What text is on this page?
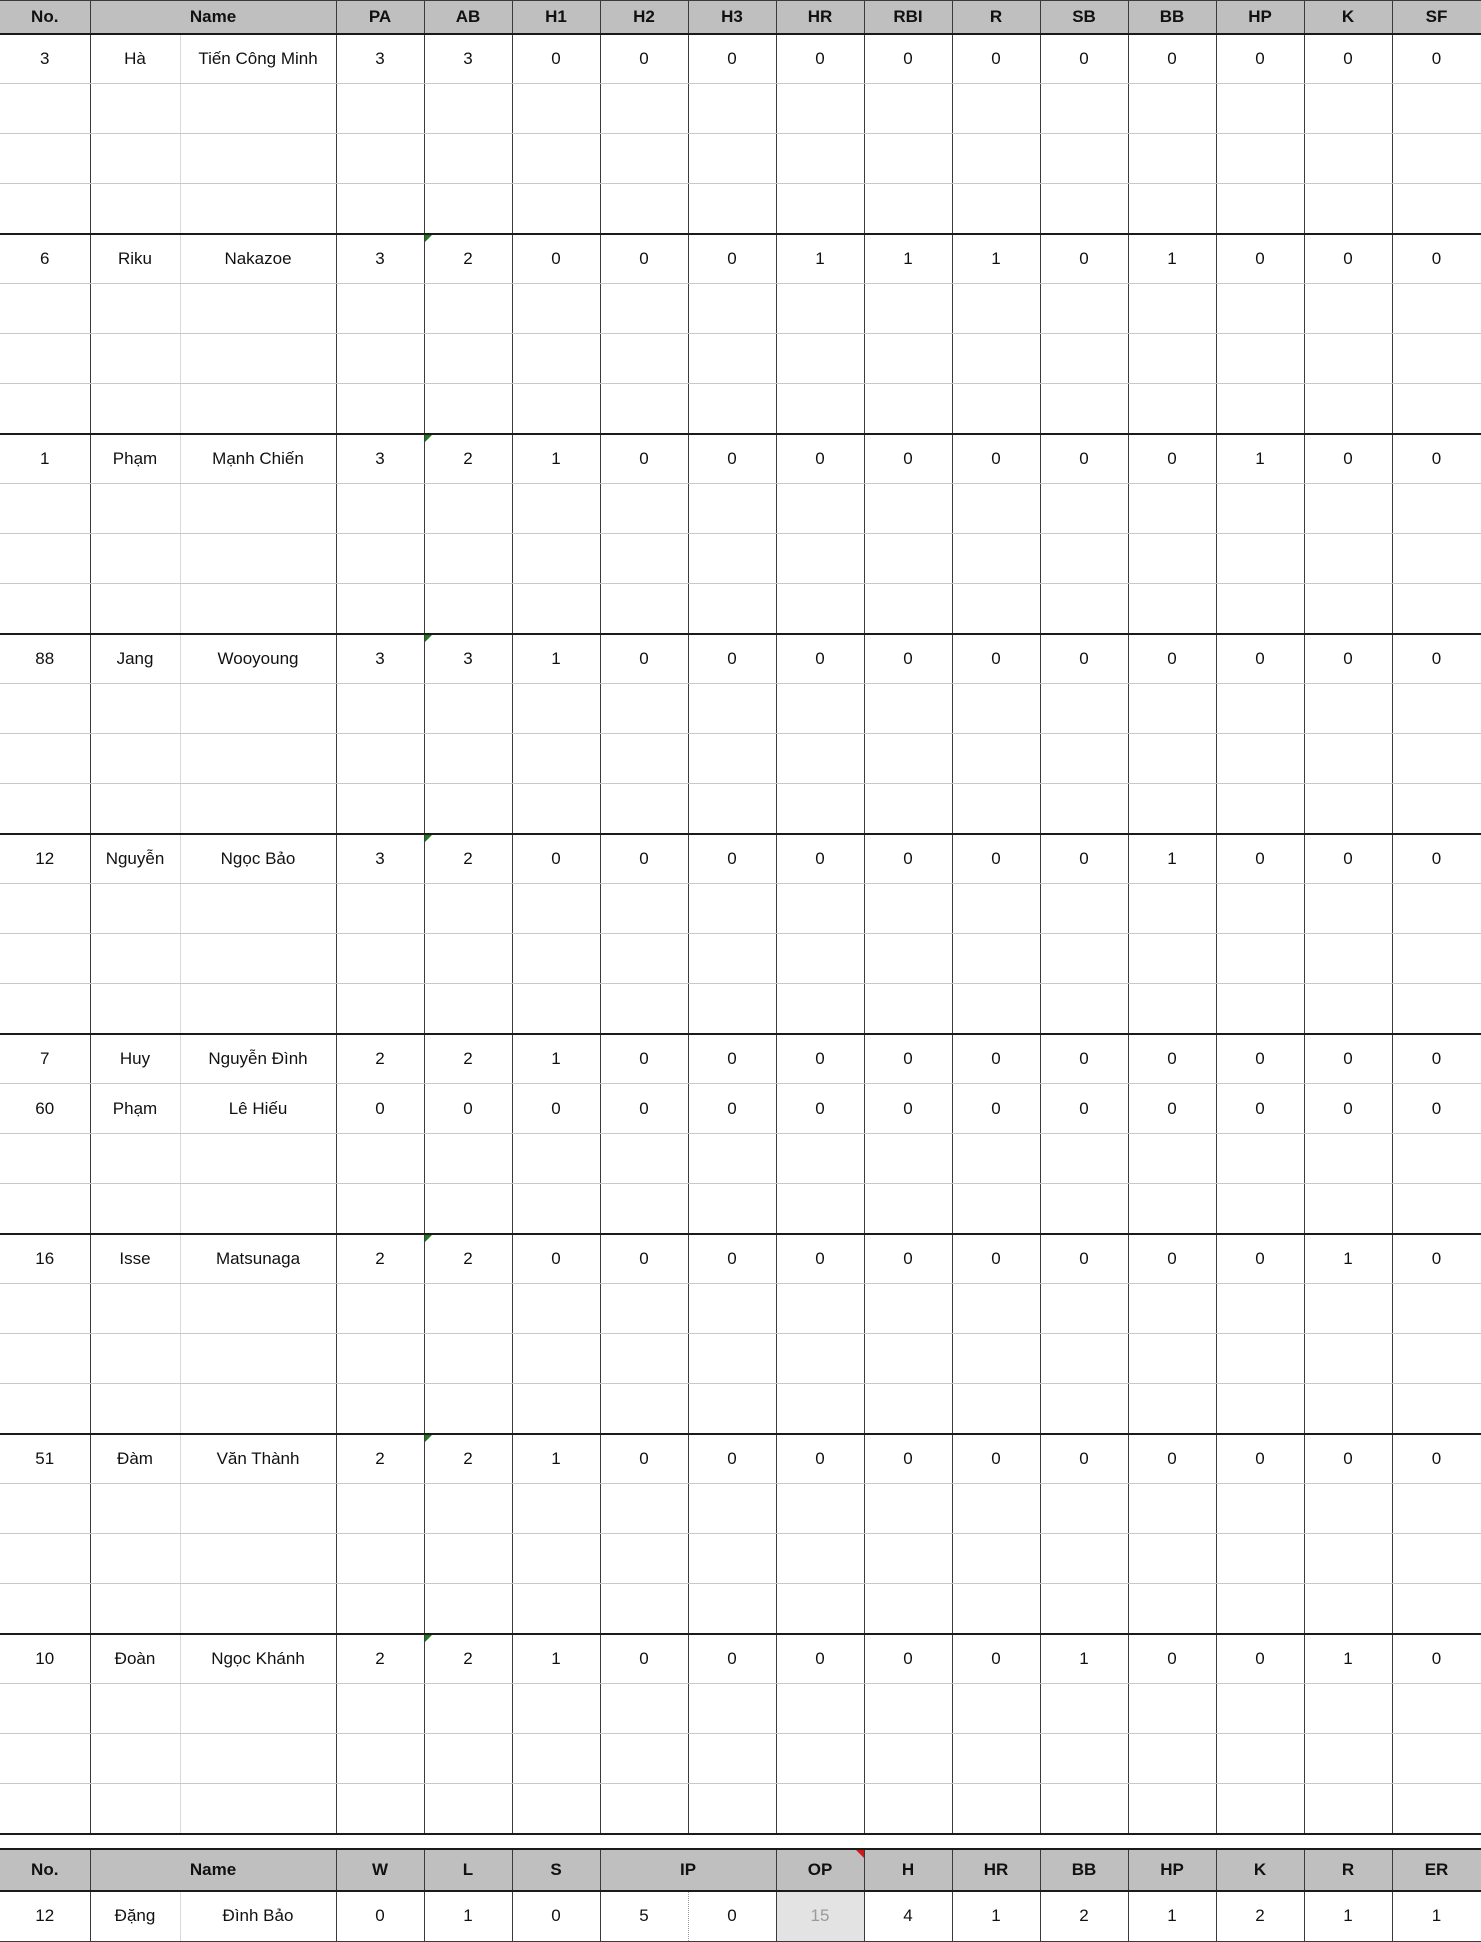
No.	Name		PA	AB	H1	H2	H3	HR	RBI	R	SB	BB	HP	K	SF
3	Hà	Tiến Công Minh	3	3	0	0	0	0	0	0	0	0	0	0	0

6	Riku	Nakazoe	3	2	0	0	0	1	1	1	0	1	0	0	0

1	Phạm	Mạnh Chiến	3	2	1	0	0	0	0	0	0	0	1	0	0

88	Jang	Wooyoung	3	3	1	0	0	0	0	0	0	0	0	0	0

12	Nguyễn	Ngọc Bảo	3	2	0	0	0	0	0	0	0	1	0	0	0

7	Huy	Nguyễn Đình	2	2	1	0	0	0	0	0	0	0	0	0	0
60	Phạm	Lê Hiếu	0	0	0	0	0	0	0	0	0	0	0	0	0

16	Isse	Matsunaga	2	2	0	0	0	0	0	0	0	0	0	1	0

51	Đàm	Văn Thành	2	2	1	0	0	0	0	0	0	0	0	0	0

10	Đoàn	Ngọc Khánh	2	2	1	0	0	0	0	0	1	0	0	1	0

No.	Name		W	L	S	IP		OP	H	HR	BB	HP	K	R	ER
12	Đặng	Đình Bảo	0	1	0	5	0	15	4	1	2	1	2	1	1
